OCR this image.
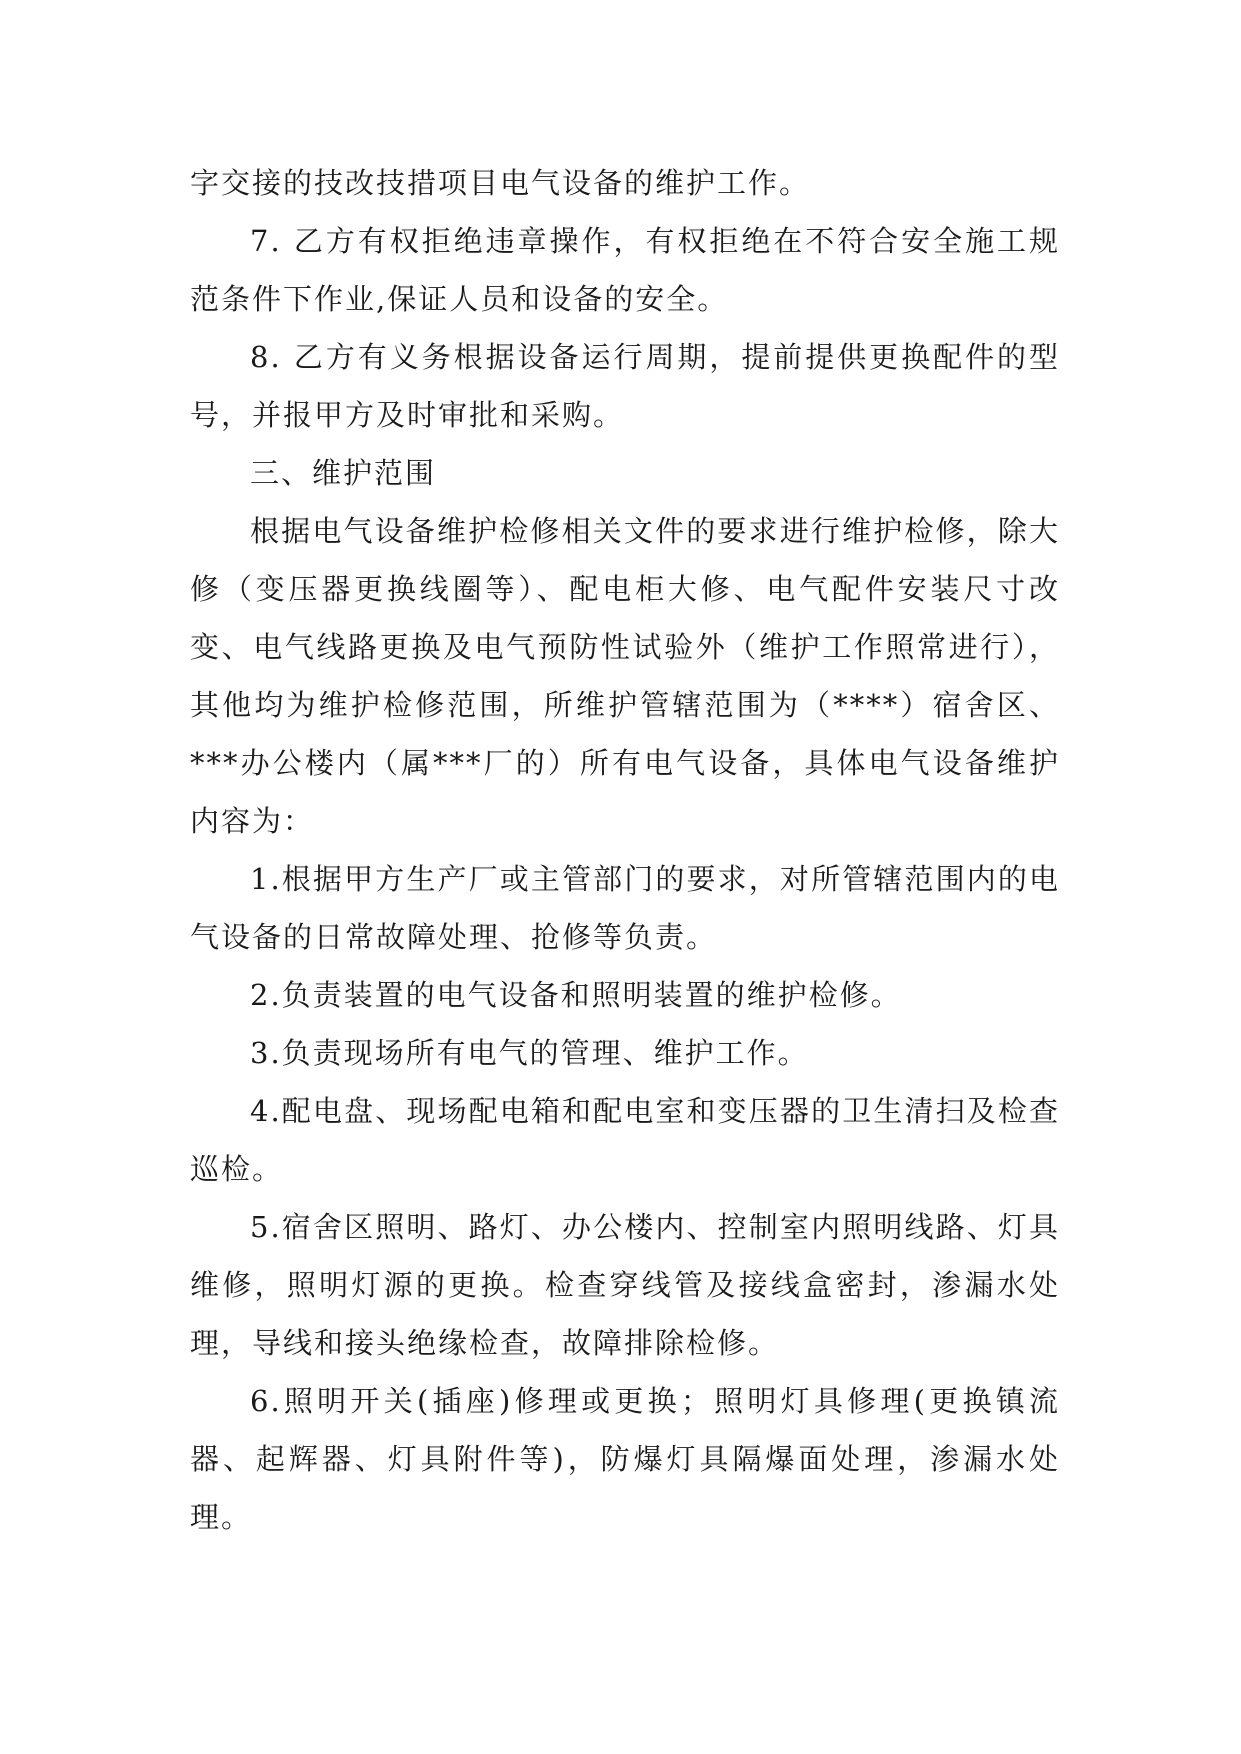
字交接的技改技措项目电气设备的维护工作。

7. 乙方有权拒绝违章操作，有权拒绝在不符合安全施工规范条件下作业,保证人员和设备的安全。

8. 乙方有义务根据设备运行周期，提前提供更换配件的型号，并报甲方及时审批和采购。

三、维护范围

根据电气设备维护检修相关文件的要求进行维护检修，除大修（变压器更换线圈等）、配电柜大修、电气配件安装尺寸改变、电气线路更换及电气预防性试验外（维护工作照常进行），其他均为维护检修范围，所维护管辖范围为（****）宿舍区、***办公楼内（属***厂的）所有电气设备，具体电气设备维护内容为：

1.根据甲方生产厂或主管部门的要求，对所管辖范围内的电气设备的日常故障处理、抢修等负责。

2.负责装置的电气设备和照明装置的维护检修。

3.负责现场所有电气的管理、维护工作。

4.配电盘、现场配电箱和配电室和变压器的卫生清扫及检查巡检。

5.宿舍区照明、路灯、办公楼内、控制室内照明线路、灯具维修，照明灯源的更换。检查穿线管及接线盒密封，渗漏水处理，导线和接头绝缘检查，故障排除检修。

6.照明开关(插座)修理或更换；照明灯具修理(更换镇流器、起辉器、灯具附件等)，防爆灯具隔爆面处理，渗漏水处理。
